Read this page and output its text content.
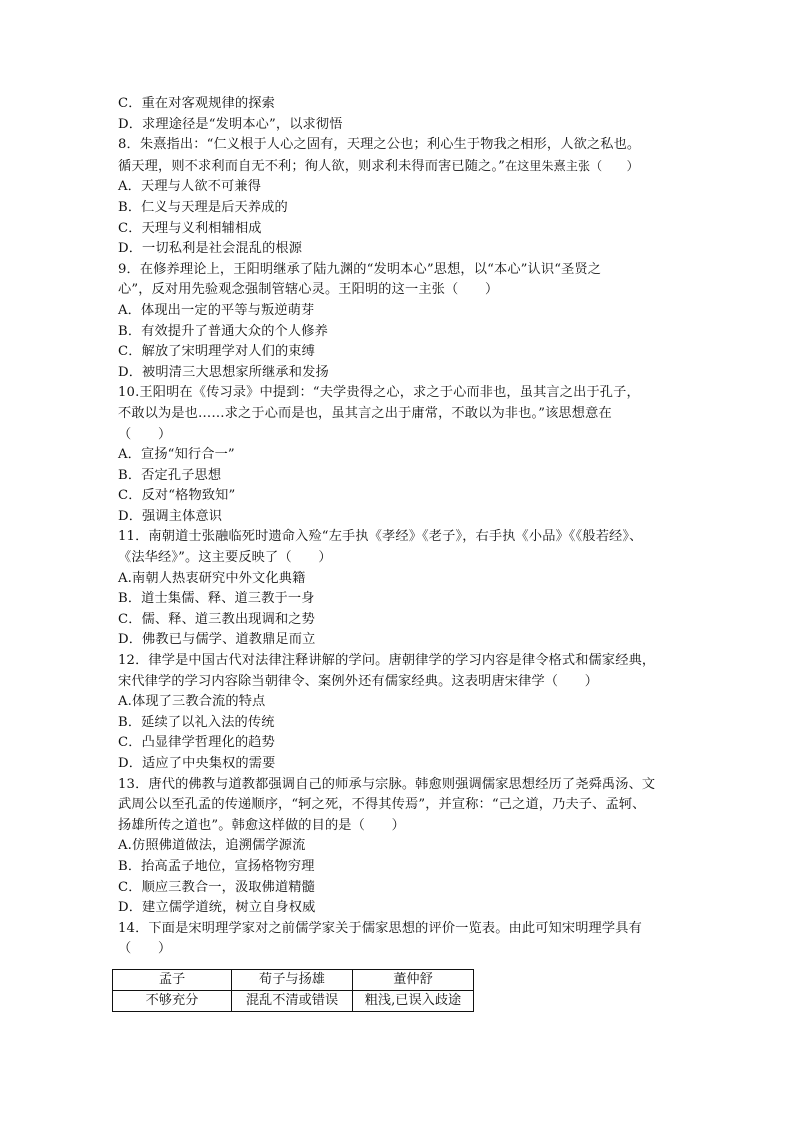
C．重在对客观规律的探索
D．求理途径是“发明本心”，以求彻悟
8．朱熹指出：“仁义根于人心之固有，天理之公也；利心生于物我之相形，人欲之私也。
循天理，则不求利而自无不利；徇人欲，则求利未得而害已随之。”在这里朱熹主张（　　）
A．天理与人欲不可兼得
B．仁义与天理是后天养成的
C．天理与义利相辅相成
D．一切私利是社会混乱的根源
9．在修养理论上，王阳明继承了陆九渊的“发明本心”思想，以“本心”认识“圣贤之
心”，反对用先验观念强制管辖心灵。王阳明的这一主张（　　）
A．体现出一定的平等与叛逆萌芽
B．有效提升了普通大众的个人修养
C．解放了宋明理学对人们的束缚
D．被明清三大思想家所继承和发扬
10.王阳明在《传习录》中提到：“夫学贵得之心，求之于心而非也，虽其言之出于孔子，
不敢以为是也……求之于心而是也，虽其言之出于庸常，不敢以为非也。”该思想意在
（　　）
A．宣扬“知行合一”
B．否定孔子思想
C．反对“格物致知”
D．强调主体意识
11．南朝道士张融临死时遗命入殓“左手执《孝经》《老子》，右手执《小品》《《般若经》、
《法华经》”。这主要反映了（　　）
A.南朝人热衷研究中外文化典籍
B．道士集儒、释、道三教于一身
C．儒、释、道三教出现调和之势
D．佛教已与儒学、道教鼎足而立
12．律学是中国古代对法律注释讲解的学问。唐朝律学的学习内容是律令格式和儒家经典，
宋代律学的学习内容除当朝律令、案例外还有儒家经典。这表明唐宋律学（　　）
A.体现了三教合流的特点
B．延续了以礼入法的传统
C．凸显律学哲理化的趋势
D．适应了中央集权的需要
13．唐代的佛教与道教都强调自己的师承与宗脉。韩愈则强调儒家思想经历了尧舜禹汤、文
武周公以至孔孟的传递顺序，“轲之死，不得其传焉”，并宣称：“己之道，乃夫子、孟轲、
扬雄所传之道也”。韩愈这样做的目的是（　　）
A.仿照佛道做法，追溯儒学源流
B．抬高孟子地位，宣扬格物穷理
C．顺应三教合一，汲取佛道精髓
D．建立儒学道统，树立自身权威
14．下面是宋明理学家对之前儒学家关于儒家思想的评价一览表。由此可知宋明理学具有
（　　）
孟子	荀子与扬雄	董仲舒
不够充分	混乱不清或错误	粗浅,已误入歧途
